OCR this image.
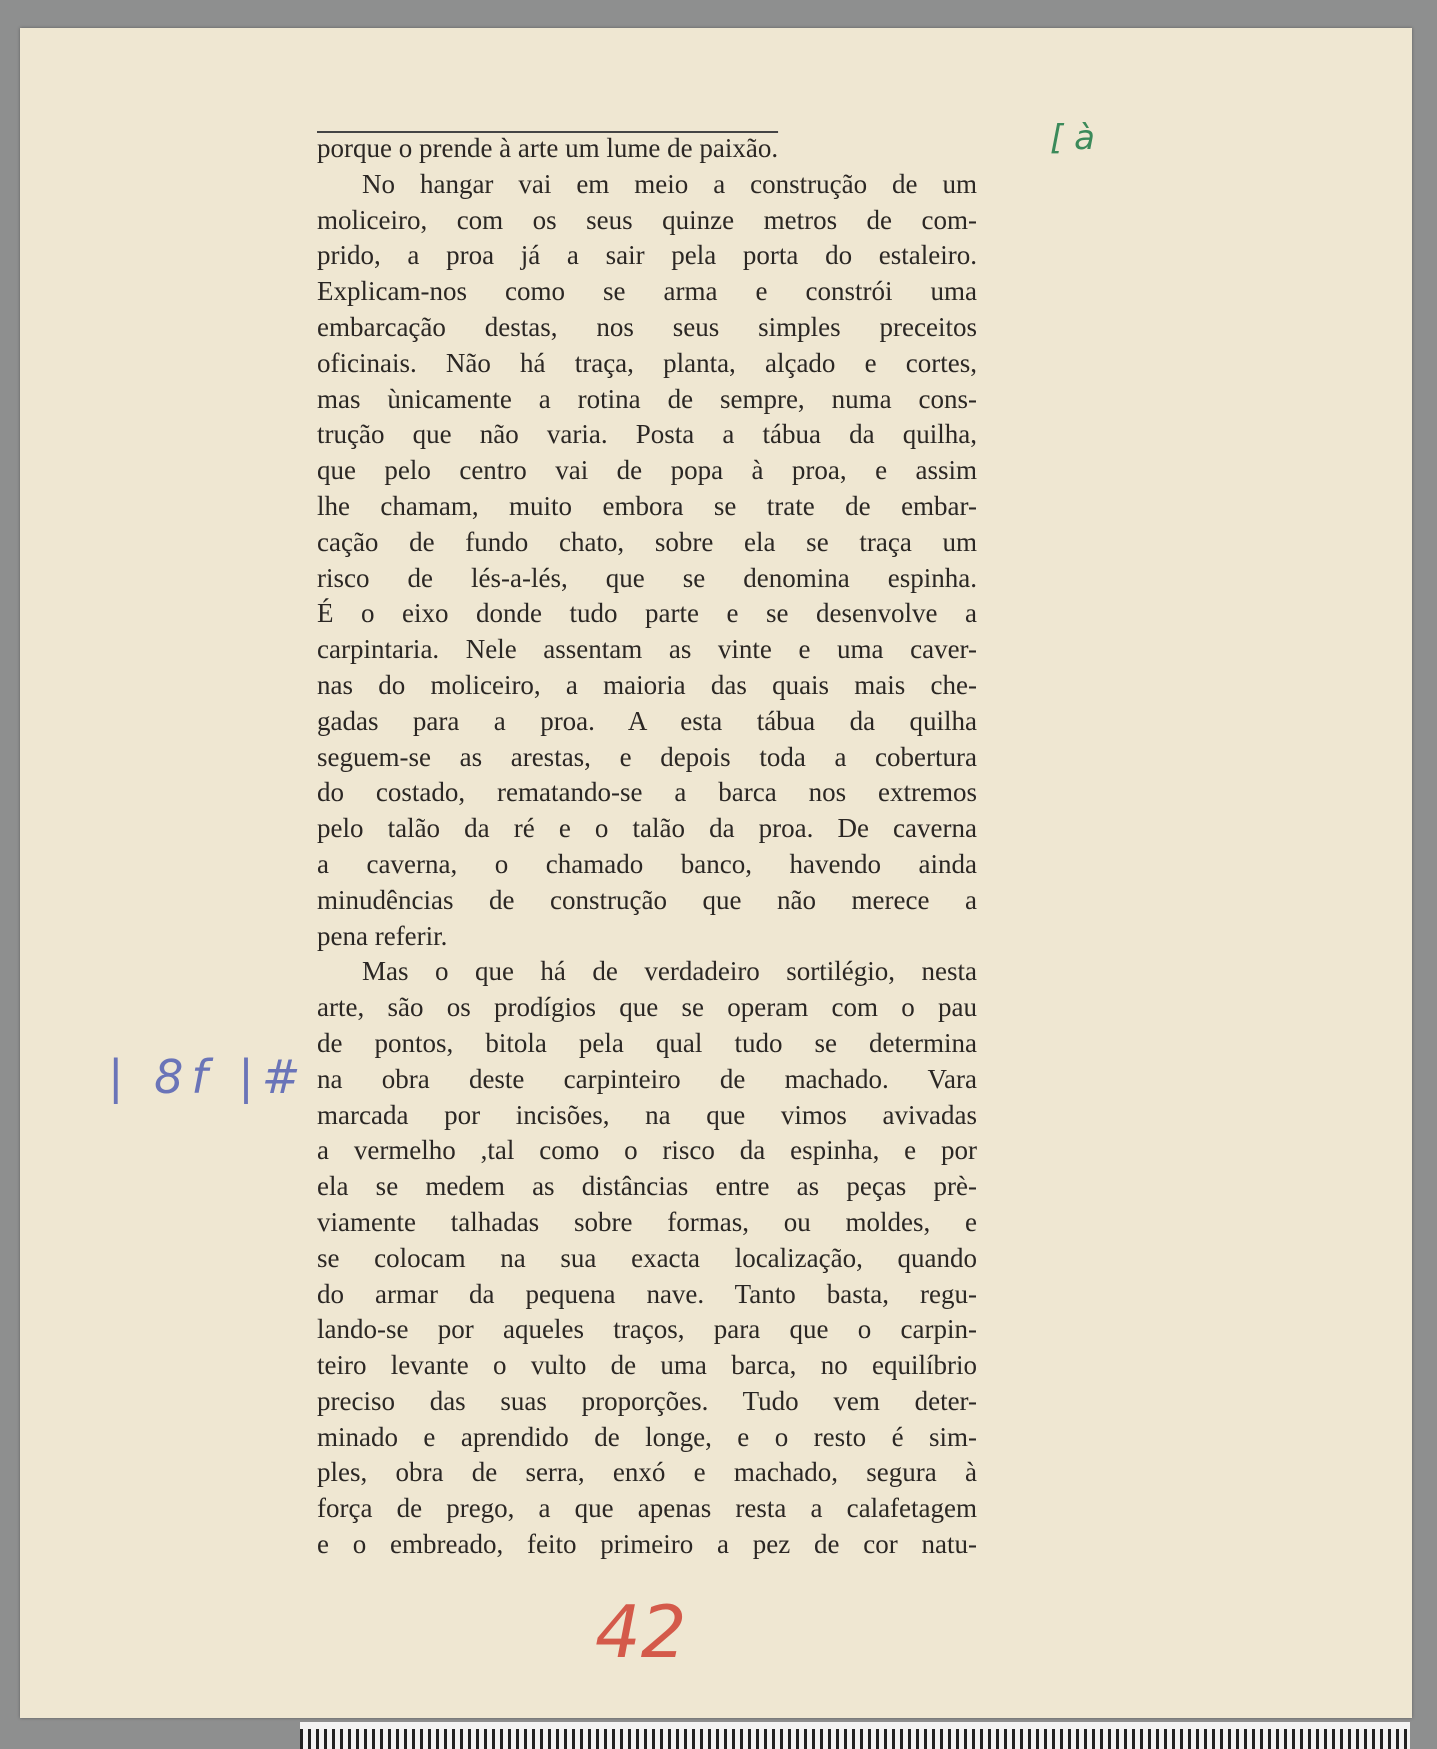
porque o prende à arte um lume de paixão.
No hangar vai em meio a construção de um
moliceiro, com os seus quinze metros de com-
prido, a proa já a sair pela porta do estaleiro.
Explicam-nos como se arma e constrói uma
embarcação destas, nos seus simples preceitos
oficinais. Não há traça, planta, alçado e cortes,
mas ùnicamente a rotina de sempre, numa cons-
trução que não varia. Posta a tábua da quilha,
que pelo centro vai de popa à proa, e assim
lhe chamam, muito embora se trate de embar-
cação de fundo chato, sobre ela se traça um
risco de lés-a-lés, que se denomina espinha.
É o eixo donde tudo parte e se desenvolve a
carpintaria. Nele assentam as vinte e uma caver-
nas do moliceiro, a maioria das quais mais che-
gadas para a proa. A esta tábua da quilha
seguem-se as arestas, e depois toda a cobertura
do costado, rematando-se a barca nos extremos
pelo talão da ré e o talão da proa. De caverna
a caverna, o chamado banco, havendo ainda
minudências de construção que não merece a
pena referir.
Mas o que há de verdadeiro sortilégio, nesta
arte, são os prodígios que se operam com o pau
de pontos, bitola pela qual tudo se determina
na obra deste carpinteiro de machado. Vara
marcada por incisões, na que vimos avivadas
a vermelho ,tal como o risco da espinha, e por
ela se medem as distâncias entre as peças prè-
viamente talhadas sobre formas, ou moldes, e
se colocam na sua exacta localização, quando
do armar da pequena nave. Tanto basta, regu-
lando-se por aqueles traços, para que o carpin-
teiro levante o vulto de uma barca, no equilíbrio
preciso das suas proporções. Tudo vem deter-
minado e aprendido de longe, e o resto é sim-
ples, obra de serra, enxó e machado, segura à
força de prego, a que apenas resta a calafetagem
e o embreado, feito primeiro a pez de cor natu-
[ à
| 8f |#
42
